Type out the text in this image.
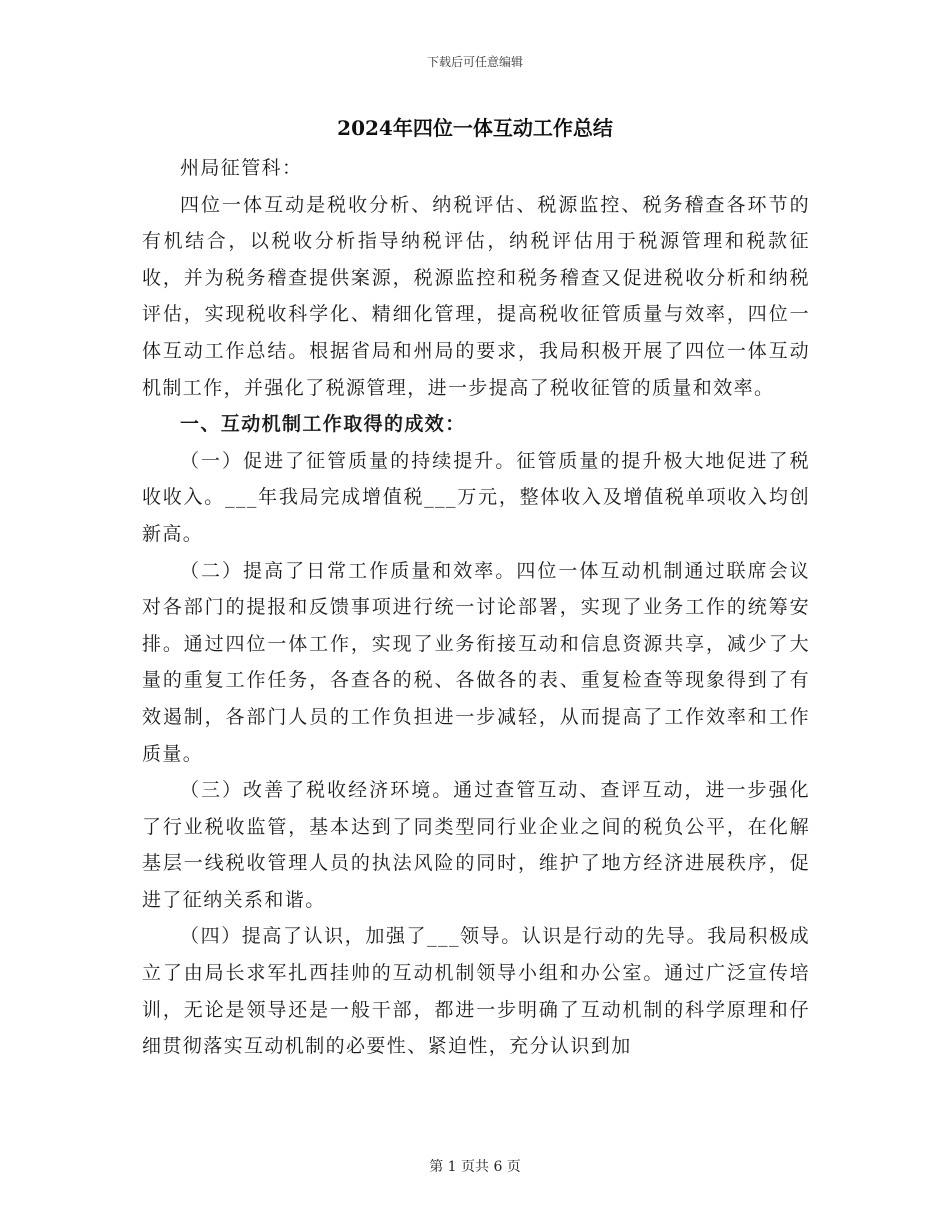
下载后可任意编辑
2024年四位一体互动工作总结

州局征管科：

四位一体互动是税收分析、纳税评估、税源监控、税务稽查各环节的有机结合，以税收分析指导纳税评估，纳税评估用于税源管理和税款征收，并为税务稽查提供案源，税源监控和税务稽查又促进税收分析和纳税评估，实现税收科学化、精细化管理，提高税收征管质量与效率，四位一体互动工作总结。根据省局和州局的要求，我局积极开展了四位一体互动机制工作，并强化了税源管理，进一步提高了税收征管的质量和效率。

一、互动机制工作取得的成效：

（一）促进了征管质量的持续提升。征管质量的提升极大地促进了税收收入。___年我局完成增值税___万元，整体收入及增值税单项收入均创新高。

（二）提高了日常工作质量和效率。四位一体互动机制通过联席会议对各部门的提报和反馈事项进行统一讨论部署，实现了业务工作的统筹安排。通过四位一体工作，实现了业务衔接互动和信息资源共享，减少了大量的重复工作任务，各查各的税、各做各的表、重复检查等现象得到了有效遏制，各部门人员的工作负担进一步减轻，从而提高了工作效率和工作质量。

（三）改善了税收经济环境。通过查管互动、查评互动，进一步强化了行业税收监管，基本达到了同类型同行业企业之间的税负公平，在化解基层一线税收管理人员的执法风险的同时，维护了地方经济进展秩序，促进了征纳关系和谐。

（四）提高了认识，加强了___领导。认识是行动的先导。我局积极成立了由局长求军扎西挂帅的互动机制领导小组和办公室。通过广泛宣传培训，无论是领导还是一般干部，都进一步明确了互动机制的科学原理和仔细贯彻落实互动机制的必要性、紧迫性，充分认识到加

第 1 页共 6 页
